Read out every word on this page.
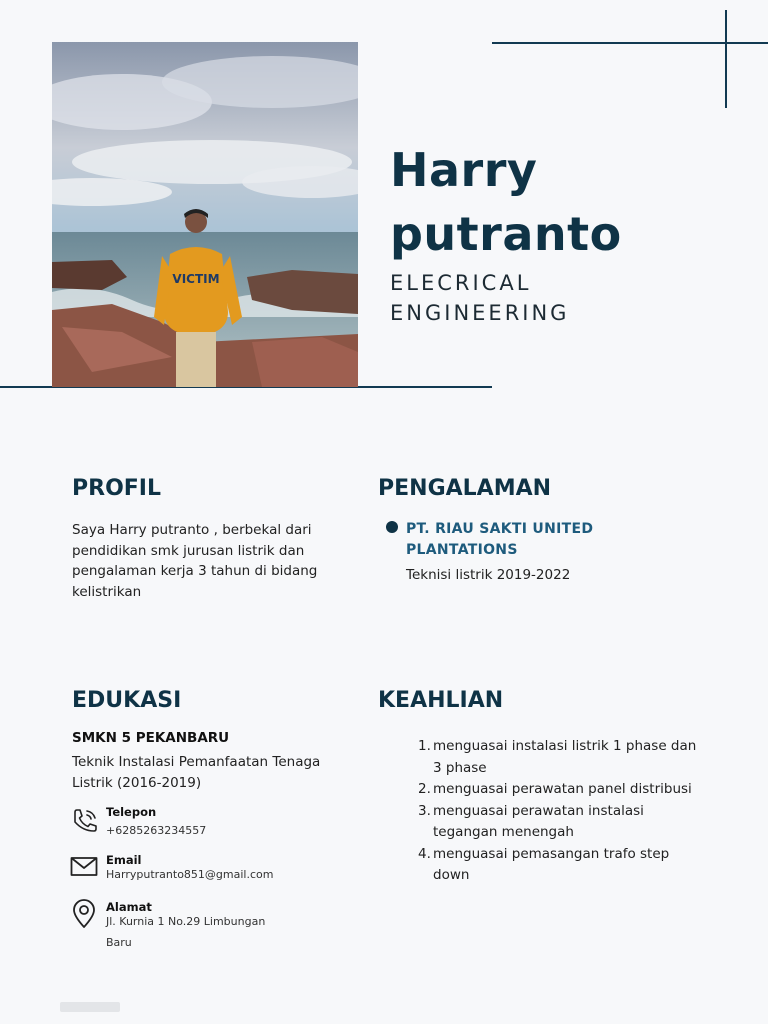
VICTIM
Harry
putranto
ELECRICAL
ENGINEERING
PROFIL
Saya Harry putranto , berbekal dari pendidikan smk jurusan listrik dan pengalaman kerja 3 tahun di bidang kelistrikan
PENGALAMAN
PT. RIAU SAKTI UNITED
PLANTATIONS
Teknisi listrik 2019-2022
EDUKASI
SMKN 5 PEKANBARU
Teknik Instalasi Pemanfaatan Tenaga Listrik (2016-2019)
Telepon
+6285263234557
Email
Harryputranto851@gmail.com
Alamat
Jl. Kurnia 1 No.29 Limbungan Baru
KEAHLIAN
1. menguasai instalasi listrik 1 phase dan 3 phase
2. menguasai perawatan panel distribusi
3. menguasai perawatan instalasi tegangan menengah
4. menguasai pemasangan trafo step down
